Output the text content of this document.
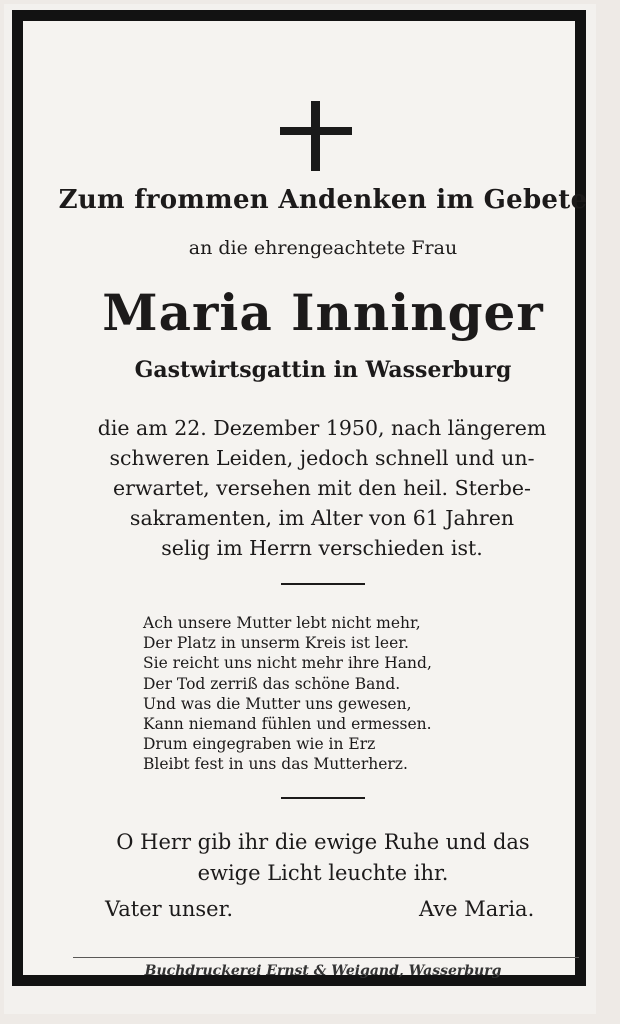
Zum frommen Andenken im Gebete
an die ehrengeachtete Frau
Maria Inninger
Gastwirtsgattin in Wasserburg
die am 22. Dezember 1950, nach längerem
schweren Leiden, jedoch schnell und un-
erwartet, versehen mit den heil. Sterbe-
sakramenten, im Alter von 61 Jahren
selig im Herrn verschieden ist.
Ach unsere Mutter lebt nicht mehr,
Der Platz in unserm Kreis ist leer.
Sie reicht uns nicht mehr ihre Hand,
Der Tod zerriß das schöne Band.
Und was die Mutter uns gewesen,
Kann niemand fühlen und ermessen.
Drum eingegraben wie in Erz
Bleibt fest in uns das Mutterherz.
O Herr gib ihr die ewige Ruhe und das
ewige Licht leuchte ihr.
Vater unser.	Ave Maria.
Buchdruckerei Ernst & Weigand, Wasserburg
